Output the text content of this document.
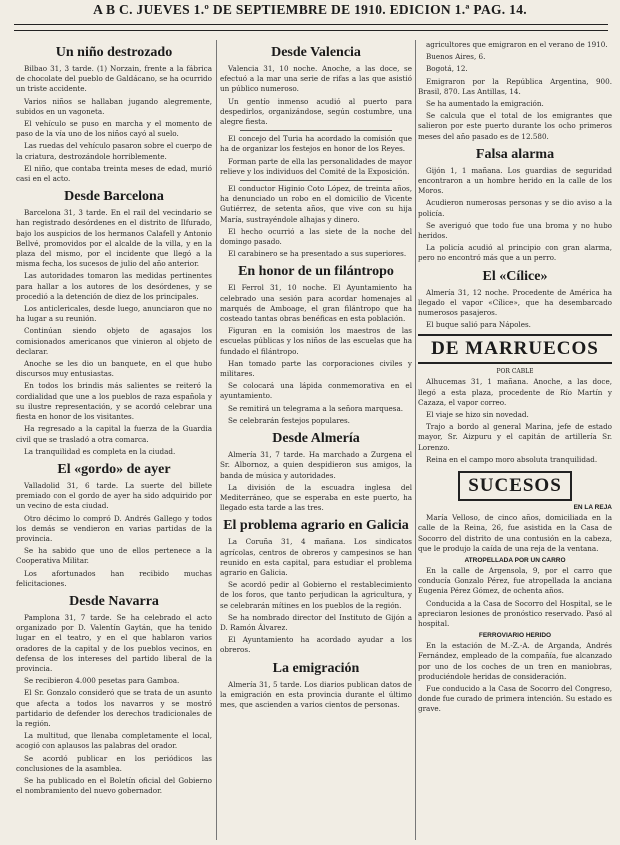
A B C. JUEVES 1.º DE SEPTIEMBRE DE 1910. EDICION 1.ª PAG. 14.
Un niño destrozado

Bilbao 31, 3 tarde. (1) Norzain, frente a la fábrica de chocolate del pueblo de Galdácano, se ha ocurrido un triste accidente.

Varios niños se hallaban jugando alegremente, subidos en un vagoneta.

El vehículo se puso en marcha y el momento de paso de la vía uno de los niños cayó al suelo.

Las ruedas del vehículo pasaron sobre el cuerpo de la criatura, destrozándole horriblemente.

El niño, que contaba treinta meses de edad, murió casi en el acto.

Desde Barcelona

Barcelona 31, 3 tarde. En el rail del vecindario se han registrado desórdenes en el distrito de Ilfurado, bajo los auspicios de los hermanos Calafell y Antonio Bellvé, promovidos por el alcalde de la villa, y en la plaza del mismo, por el incidente que llegó a la misma fecha, los sucesos de julio del año anterior.

Las autoridades tomaron las medidas pertinentes para hallar a los autores de los desórdenes, y se procedió a la detención de diez de los principales.

Los anticlericales, desde luego, anunciaron que no ha lugar a su reunión.

Continúan siendo objeto de agasajos los comisionados americanos que vinieron al objeto de declarar.

Anoche se les dio un banquete, en el que hubo discursos muy entusiastas.

En todos los brindis más salientes se reiteró la cordialidad que une a los pueblos de raza española y su ilustre representación, y se acordó celebrar una fiesta en honor de los visitantes.

Ha regresado a la capital la fuerza de la Guardia civil que se trasladó a otra comarca.

La tranquilidad es completa en la ciudad.

El «gordo» de ayer

Valladolid 31, 6 tarde. La suerte del billete premiado con el gordo de ayer ha sido adquirido por un vecino de esta ciudad.

Otro décimo lo compró D. Andrés Gallego y todos los demás se vendieron en varias partidas de la provincia.

Se ha sabido que uno de ellos pertenece a la Cooperativa Militar.

Los afortunados han recibido muchas felicitaciones.

Desde Navarra

Pamplona 31, 7 tarde. Se ha celebrado el acto organizado por D. Valentín Gaytán, que ha tenido lugar en el teatro, y en el que hablaron varios oradores de la capital y de los pueblos vecinos, en defensa de los intereses del partido liberal de la provincia.

Se recibieron 4.000 pesetas para Gamboa.

El Sr. Gonzalo consideró que se trata de un asunto que afecta a todos los navarros y se mostró partidario de defender los derechos tradicionales de la región.

La multitud, que llenaba completamente el local, acogió con aplausos las palabras del orador.

Se acordó publicar en los periódicos las conclusiones de la asamblea.

Se ha publicado en el Boletín oficial del Gobierno el nombramiento del nuevo gobernador.

Desde Valencia

Valencia 31, 10 noche. Anoche, a las doce, se efectuó a la mar una serie de rifas a las que asistió un público numeroso.

Un gentío inmenso acudió al puerto para despedirlos, organizándose, según costumbre, una alegre fiesta.

El concejo del Turia ha acordado la comisión que ha de organizar los festejos en honor de los Reyes.

Forman parte de ella las personalidades de mayor relieve y los individuos del Comité de la Exposición.

El conductor Higinio Coto López, de treinta años, ha denunciado un robo en el domicilio de Vicente Gutiérrez, de setenta años, que vive con su hija María, sustrayéndole alhajas y dinero.

El hecho ocurrió a las siete de la noche del domingo pasado.

El carabinero se ha presentado a sus superiores.

En honor de un filántropo

El Ferrol 31, 10 noche. El Ayuntamiento ha celebrado una sesión para acordar homenajes al marqués de Amboage, el gran filántropo que ha costeado tantas obras benéficas en esta población.

Figuran en la comisión los maestros de las escuelas públicas y los niños de las escuelas que ha fundado el filántropo.

Han tomado parte las corporaciones civiles y militares.

Se colocará una lápida conmemorativa en el ayuntamiento.

Se remitirá un telegrama a la señora marquesa.

Se celebrarán festejos populares.

Desde Almería

Almería 31, 7 tarde. Ha marchado a Zurgena el Sr. Albornoz, a quien despidieron sus amigos, la banda de música y autoridades.

La división de la escuadra inglesa del Mediterráneo, que se esperaba en este puerto, ha llegado esta tarde a las tres.

El problema agrario en Galicia

La Coruña 31, 4 mañana. Los sindicatos agrícolas, centros de obreros y campesinos se han reunido en esta capital, para estudiar el problema agrario en Galicia.

Se acordó pedir al Gobierno el restablecimiento de los foros, que tanto perjudican la agricultura, y se celebrarán mítines en los pueblos de la región.

Se ha nombrado director del Instituto de Gijón a D. Ramón Álvarez.

El Ayuntamiento ha acordado ayudar a los obreros.

La emigración

Almería 31, 5 tarde. Los diarios publican datos de la emigración en esta provincia durante el último mes, que ascienden a varios cientos de personas.

agricultores que emigraron en el verano de 1910.

Buenos Aires, 6.

Bogotá, 12.

Emigraron por la República Argentina, 900. Brasil, 870. Las Antillas, 14.

Se ha aumentado la emigración.

Se calcula que el total de los emigrantes que salieron por este puerto durante los ocho primeros meses del año pasado es de 12.580.

Falsa alarma

Gijón 1, 1 mañana. Los guardias de seguridad encontraron a un hombre herido en la calle de los Moros.

Acudieron numerosas personas y se dio aviso a la policía.

Se averiguó que todo fue una broma y no hubo heridos.

La policía acudió al principio con gran alarma, pero no encontró más que a un perro.

El «Cílice»

Almería 31, 12 noche. Procedente de América ha llegado el vapor «Cílice», que ha desembarcado numerosos pasajeros.

El buque salió para Nápoles.

DE MARRUECOS
POR CABLE

Alhucemas 31, 1 mañana. Anoche, a las doce, llegó a esta plaza, procedente de Río Martín y Cazaza, el vapor correo.

El viaje se hizo sin novedad.

Trajo a bordo al general Marina, jefe de estado mayor, Sr. Aizpuru y el capitán de artillería Sr. Lorenzo.

Reina en el campo moro absoluta tranquilidad.

SUCESOS
EN LA REJA

María Velloso, de cinco años, domiciliada en la calle de la Reina, 26, fue asistida en la Casa de Socorro del distrito de una contusión en la cabeza, que le produjo la caída de una reja de la ventana.

ATROPELLADA POR UN CARRO

En la calle de Argensola, 9, por el carro que conducía Gonzalo Pérez, fue atropellada la anciana Eugenia Pérez Gómez, de ochenta años.

Conducida a la Casa de Socorro del Hospital, se le apreciaron lesiones de pronóstico reservado. Pasó al hospital.

FERROVIARIO HERIDO

En la estación de M.-Z.-A. de Arganda, Andrés Fernández, empleado de la compañía, fue alcanzado por uno de los coches de un tren en maniobras, produciéndole heridas de consideración.

Fue conducido a la Casa de Socorro del Congreso, donde fue curado de primera intención. Su estado es grave.
